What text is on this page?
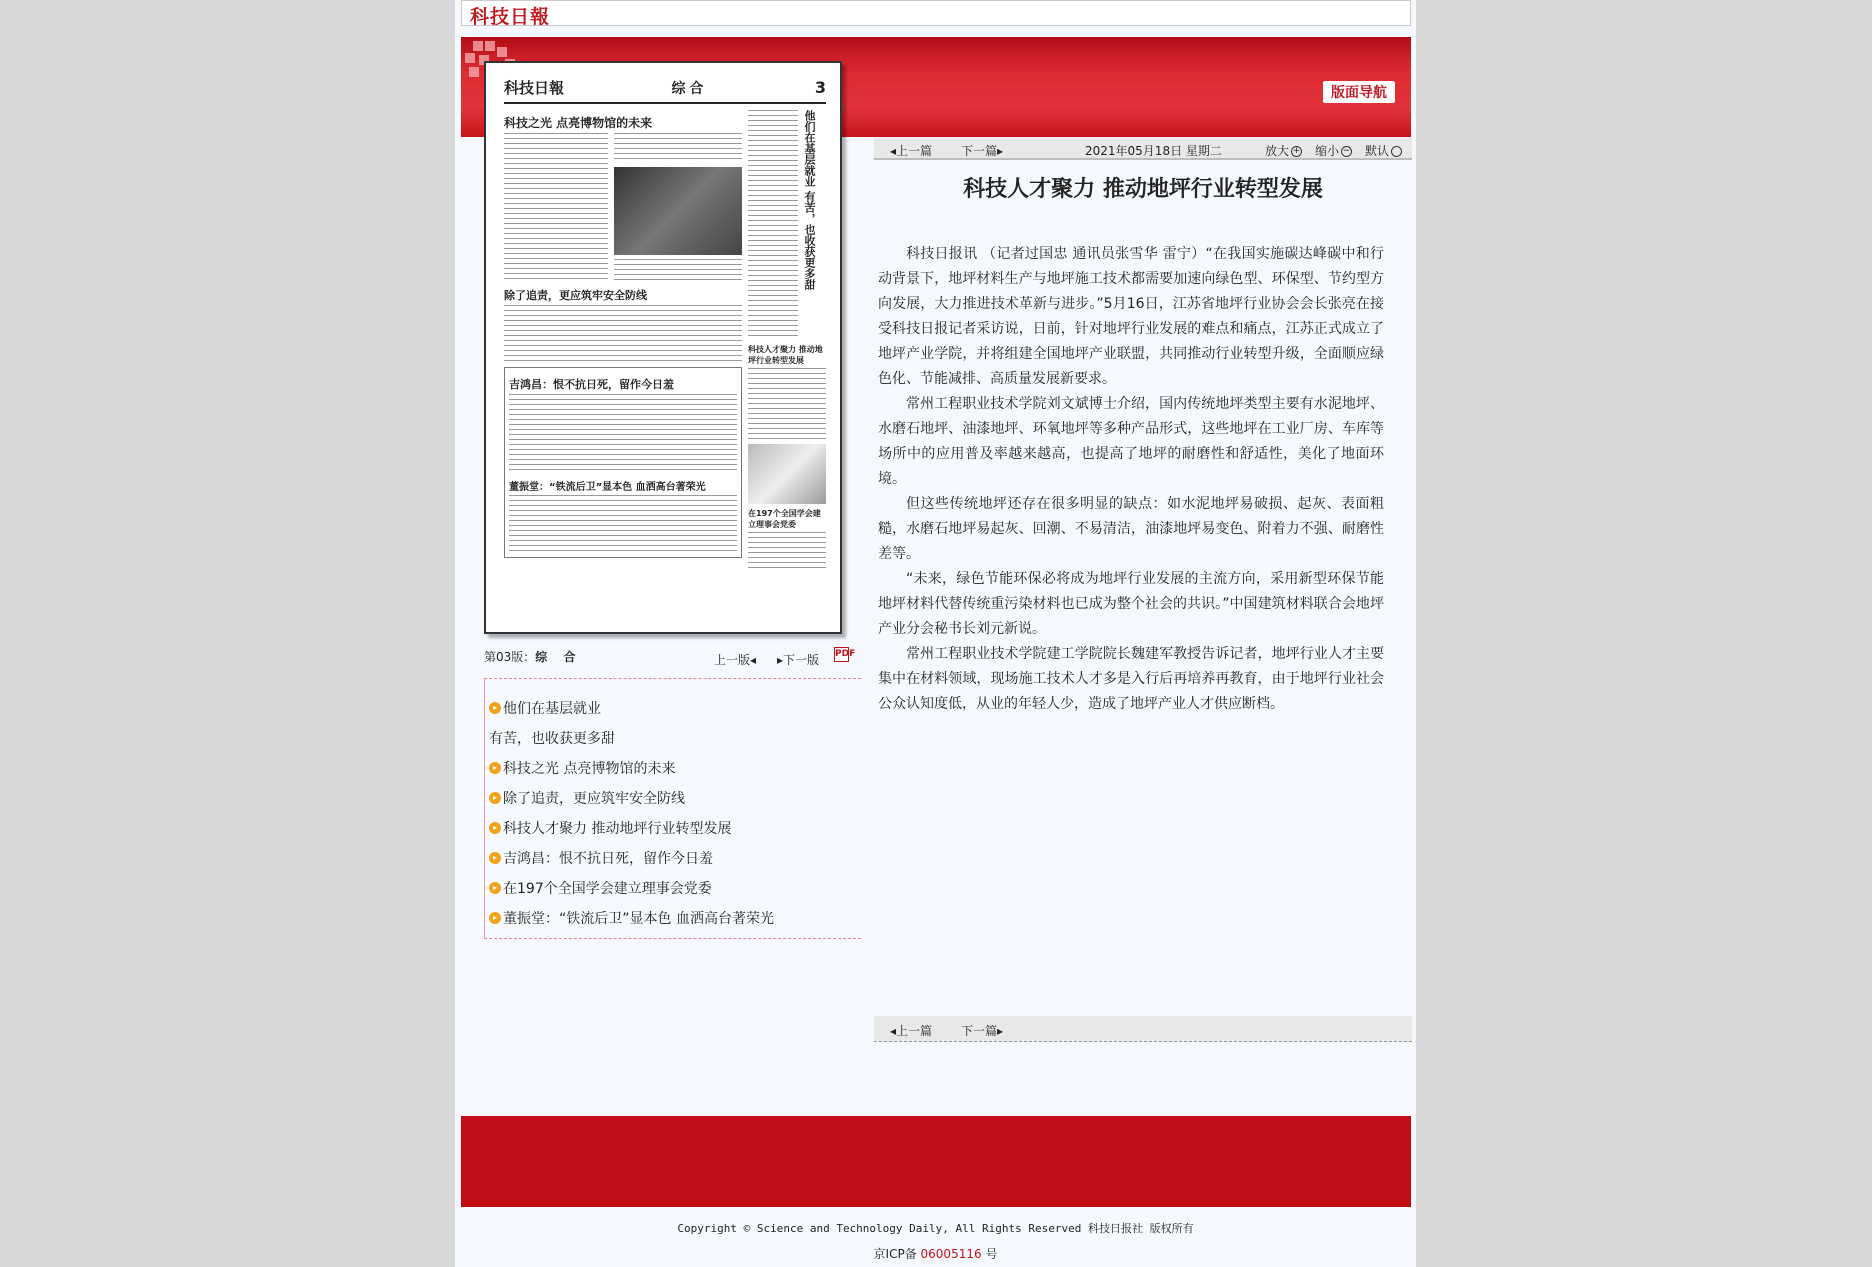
科技日報
版面导航
科技日報	综合	3
科技之光 点亮博物馆的未来
除了追责，更应筑牢安全防线
吉鸿昌：恨不抗日死，留作今日羞
董振堂：“铁流后卫”显本色 血洒高台著荣光
他们在基层就业 有苦，也收获更多甜
科技人才聚力 推动地坪行业转型发展
在197个全国学会建立理事会党委
第03版：综 合	上一版◂ ▸下一版 PDF
▸ 他们在基层就业
有苦，也收获更多甜
▸ 科技之光 点亮博物馆的未来
▸ 除了追责，更应筑牢安全防线
▸ 科技人才聚力 推动地坪行业转型发展
▸ 吉鸿昌：恨不抗日死，留作今日羞
▸ 在197个全国学会建立理事会党委
▸ 董振堂：“铁流后卫”显本色 血洒高台著荣光
◂上一篇 下一篇▸	2021年05月18日 星期二	放大 + 缩小 − 默认
科技人才聚力 推动地坪行业转型发展

科技日报讯 （记者过国忠 通讯员张雪华 雷宁）“在我国实施碳达峰碳中和行动背景下，地坪材料生产与地坪施工技术都需要加速向绿色型、环保型、节约型方向发展，大力推进技术革新与进步。”5月16日，江苏省地坪行业协会会长张亮在接受科技日报记者采访说，日前，针对地坪行业发展的难点和痛点，江苏正式成立了地坪产业学院，并将组建全国地坪产业联盟，共同推动行业转型升级，全面顺应绿色化、节能减排、高质量发展新要求。

常州工程职业技术学院刘文斌博士介绍，国内传统地坪类型主要有水泥地坪、水磨石地坪、油漆地坪、环氧地坪等多种产品形式，这些地坪在工业厂房、车库等场所中的应用普及率越来越高，也提高了地坪的耐磨性和舒适性，美化了地面环境。

但这些传统地坪还存在很多明显的缺点：如水泥地坪易破损、起灰、表面粗糙，水磨石地坪易起灰、回潮、不易清洁，油漆地坪易变色、附着力不强、耐磨性差等。

“未来，绿色节能环保必将成为地坪行业发展的主流方向，采用新型环保节能地坪材料代替传统重污染材料也已成为整个社会的共识。”中国建筑材料联合会地坪产业分会秘书长刘元新说。

常州工程职业技术学院建工学院院长魏建军教授告诉记者，地坪行业人才主要集中在材料领域，现场施工技术人才多是入行后再培养再教育，由于地坪行业社会公众认知度低，从业的年轻人少，造成了地坪产业人才供应断档。

◂上一篇 下一篇▸
Copyright © Science and Technology Daily, All Rights Reserved 科技日报社 版权所有
京ICP备 06005116 号
